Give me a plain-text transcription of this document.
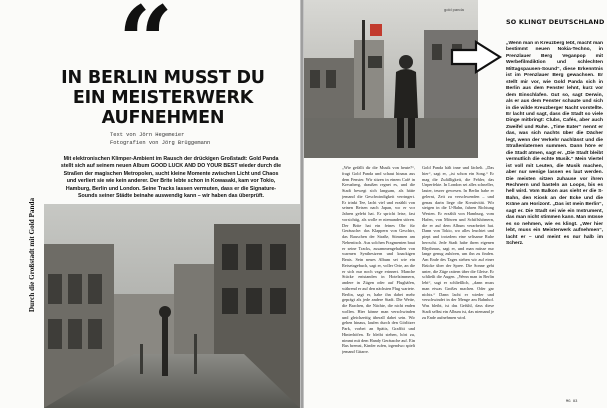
Durch die Großstadt mit Gold Panda
“
IN BERLIN MUSST DU EIN MEISTERWERK AUFNEHMEN
Text von Jörn Hegemeier
Fotografien von Jörg Brüggemann
Mit elektronischen Klimper-Ambient im Rausch der drückigen Großstadt: Gold Panda stellt sich auf seinem neuen Album GOOD LUCK AND DO YOUR BEST wieder durch die Straßen der magischen Metropolen, sucht kleine Momente zwischen Licht und Chaos und verliert sie wie kein anderer. Der Brite lebte schon in Kowasaki, kam vor Tokio, Hamburg, Berlin und London. Seine Tracks lassen vermuten, dass er die Signature-Sounds seiner Städte beinahe auswendig kann – wir haben das überprüft.
gold panda
SO KLINGT DEUTSCHLAND

„Wenn man in Kreuzberg lebt, macht man bestimmt neuen Nokia-Techno, in Prenzlauer Berg Veganpop mit Werbefilmdiktion und schlechten Mittagspausen-Sound“, diese Erkenntnis ist im Prenzlauer Berg gewachsen. Er stellt mir vor, wie Gold Panda sich in Berlin aus dem Fenster lehnt, kurz vor dem Einschlafen. Gut so, sagt Derwin, als er aus dem Fenster schaute und sich in die wilde Kreuzberger Nacht vorstellte. Er lacht und sagt, dass die Stadt so viele Dinge mitbringt: Clubs, Cafés, aber auch Zweifel und Ruhe. „Time Eater“ nennt er das, was sich nachts über die Dächer legt, wenn der Verkehr nachlässt und die Straßenlaternen summen. Dann höre er die Stadt atmen, sagt er. „Die Stadt bleibt vermutlich die echte Musik.“ Mein Viertel ist voll mit Leuten, die Musik machen, aber nur wenige lassen es laut werden. Die meisten sitzen zuhause vor ihren Rechnern und basteln an Loops, bis es hell wird. Vom Balkon aus sieht er die S-Bahn, den Kiosk an der Ecke und die Kräne am Horizont. „Das ist mein Berlin“, sagt er. Die Stadt sei wie ein Instrument, das man nicht stimmen kann. Man müsse es so nehmen, wie es klingt. „Wer hier lebt, muss ein Meisterwerk aufnehmen“, lacht er – und meint es nur halb im Scherz.

„Wie gefällt dir die Musik von heute?“, fragt Gold Panda und schaut hinaus aus dem Fenster. Wir sitzen in einem Café in Kreuzberg, draußen regnet es, und die Stadt bewegt sich langsam, als hätte jemand die Geschwindigkeit verringert. Er trinkt Tee, lacht viel und erzählt von seinen Reisen nach Japan, wo er vor Jahren gelebt hat. Er spricht leise, fast vorsichtig, als wolle er niemanden stören. Der Brite hat ein feines Ohr für Geräusche: das Klappern von Geschirr, das Rauschen der Straße, Stimmen am Nebentisch. Aus solchen Fragmenten baut er seine Tracks, zusammengehalten von warmen Synthesizern und knackigen Beats. Sein neues Album sei wie ein Reisetagebuch, sagt er, voller Orte, an die er sich nur noch vage erinnert. Manche Stücke entstanden in Hotelzimmern, andere in Zügen oder auf Flughäfen, während er auf den nächsten Flug wartete. Berlin, sagt er, habe ihn dabei mehr geprägt als jede andere Stadt. Die Weite, die Brachen, die Nächte, die nicht enden wollen. Hier könne man verschwinden und gleichzeitig überall dabei sein. Wir gehen hinaus, laufen durch den Görlitzer Park, vorbei an Spätis, Graffiti und Hinterhöfen. Er bleibt stehen, hört zu, nimmt mit dem Handy Geräusche auf. Ein Bus bremst, Kinder rufen, irgendwo spielt jemand Gitarre.

Gold Panda hält inne und lächelt. „Das hier“, sagt er, „ist schon ein Song.“ Er mag die Zufälligkeit, die Fehler, das Unperfekte. In London sei alles schneller, lauter, teurer gewesen. In Berlin habe er gelernt, Zeit zu verschwenden – und genau darin liege die Kreativität. Wir steigen in die U-Bahn, fahren Richtung Westen. Er erzählt von Hamburg, vom Hafen, von Möwen und Schiffshörnern, die er auf dem Album verarbeitet hat. Dann von Tokio, wo alles leuchtet und piept und trotzdem eine seltsame Ruhe herrscht. Jede Stadt habe ihren eigenen Rhythmus, sagt er, und man müsse nur lange genug zuhören, um ihn zu finden. Am Ende des Tages stehen wir auf einer Brücke über der Spree. Die Sonne geht unter, die Züge rattern über die Gleise. Er schließt die Augen. „Wenn man in Berlin lebt“, sagt er schließlich, „dann muss man etwas Großes machen. Oder gar nichts.“ Dann lacht er wieder und verschwindet in der Menge am Bahnhof. Was bleibt, ist das Gefühl, dass diese Stadt selbst ein Album ist, das niemand je zu Ende aufnehmen wird.

MG 83
